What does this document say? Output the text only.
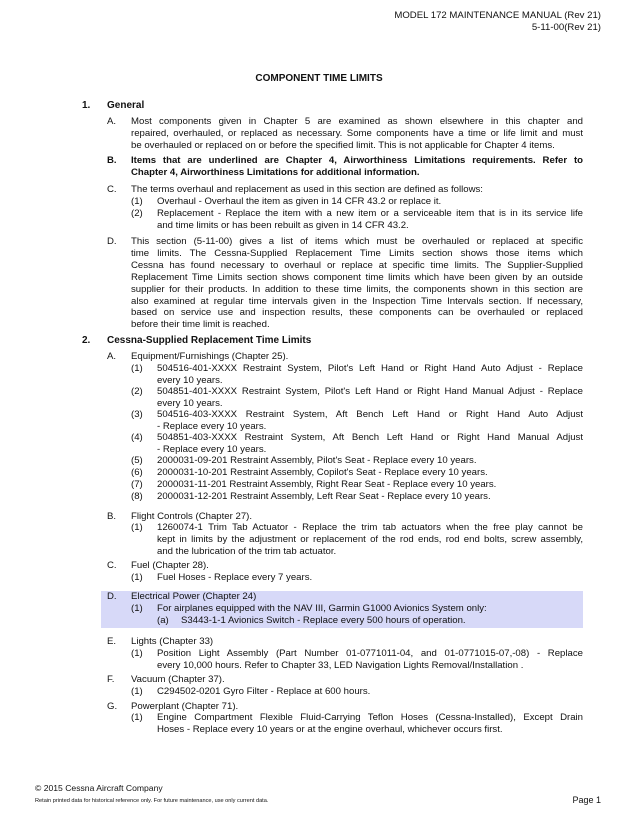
MODEL 172 MAINTENANCE MANUAL (Rev 21)
5-11-00(Rev 21)
COMPONENT TIME LIMITS
1.	General
A. Most components given in Chapter 5 are examined as shown elsewhere in this chapter and
repaired, overhauled, or replaced as necessary. Some components have a time or life limit and must
be overhauled or replaced on or before the specified limit. This is not applicable for Chapter 4 items.
B. Items that are underlined are Chapter 4, Airworthiness Limitations requirements. Refer to
Chapter 4, Airworthiness Limitations for additional information.
C. The terms overhaul and replacement as used in this section are defined as follows:
(1) Overhaul - Overhaul the item as given in 14 CFR 43.2 or replace it.
(2) Replacement - Replace the item with a new item or a serviceable item that is in its service life
and time limits or has been rebuilt as given in 14 CFR 43.2.
D. This section (5-11-00) gives a list of items which must be overhauled or replaced at specific
time limits. The Cessna-Supplied Replacement Time Limits section shows those items which
Cessna has found necessary to overhaul or replace at specific time limits. The Supplier-Supplied
Replacement Time Limits section shows component time limits which have been given by an outside
supplier for their products. In addition to these time limits, the components shown in this section are
also examined at regular time intervals given in the Inspection Time Intervals section. If necessary,
based on service use and inspection results, these components can be overhauled or replaced
before their time limit is reached.
2.	Cessna-Supplied Replacement Time Limits
A. Equipment/Furnishings (Chapter 25).
(1) 504516-401-XXXX Restraint System, Pilot's Left Hand or Right Hand Auto Adjust - Replace
every 10 years.
(2) 504851-401-XXXX Restraint System, Pilot's Left Hand or Right Hand Manual Adjust - Replace
every 10 years.
(3) 504516-403-XXXX Restraint System, Aft Bench Left Hand or Right Hand Auto Adjust
- Replace every 10 years.
(4) 504851-403-XXXX Restraint System, Aft Bench Left Hand or Right Hand Manual Adjust
- Replace every 10 years.
(5) 2000031-09-201 Restraint Assembly, Pilot's Seat - Replace every 10 years.
(6) 2000031-10-201 Restraint Assembly, Copilot's Seat - Replace every 10 years.
(7) 2000031-11-201 Restraint Assembly, Right Rear Seat - Replace every 10 years.
(8) 2000031-12-201 Restraint Assembly, Left Rear Seat - Replace every 10 years.
B. Flight Controls (Chapter 27).
(1) 1260074-1 Trim Tab Actuator - Replace the trim tab actuators when the free play cannot be
kept in limits by the adjustment or replacement of the rod ends, rod end bolts, screw assembly,
and the lubrication of the trim tab actuator.
C. Fuel (Chapter 28).
(1) Fuel Hoses - Replace every 7 years.
D. Electrical Power (Chapter 24)
(1) For airplanes equipped with the NAV III, Garmin G1000 Avionics System only:
(a) S3443-1-1 Avionics Switch - Replace every 500 hours of operation.
E. Lights (Chapter 33)
(1) Position Light Assembly (Part Number 01-0771011-04, and 01-0771015-07,-08) - Replace
every 10,000 hours. Refer to Chapter 33, LED Navigation Lights Removal/Installation .
F. Vacuum (Chapter 37).
(1) C294502-0201 Gyro Filter - Replace at 600 hours.
G. Powerplant (Chapter 71).
(1) Engine Compartment Flexible Fluid-Carrying Teflon Hoses (Cessna-Installed), Except Drain
Hoses - Replace every 10 years or at the engine overhaul, whichever occurs first.
© 2015 Cessna Aircraft Company
Retain printed data for historical reference only. For future maintenance, use only current data.	Page 1
